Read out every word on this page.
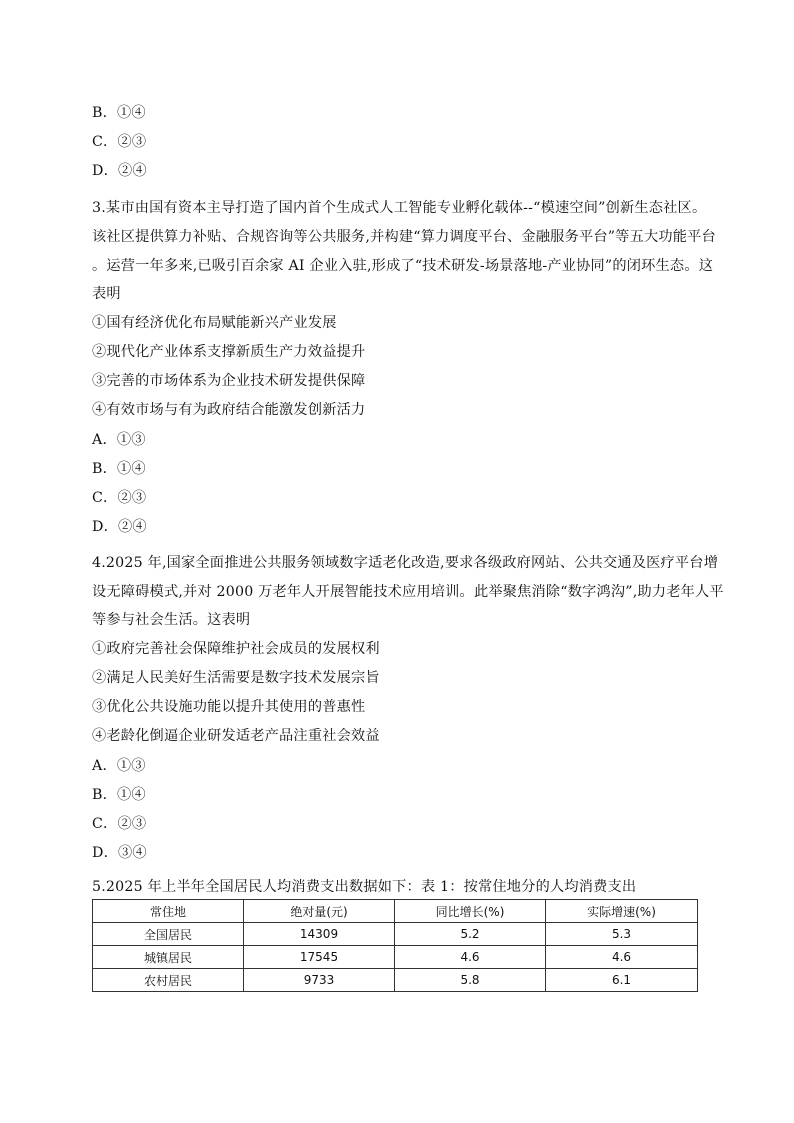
B．①④
C．②③
D．②④
3.某市由国有资本主导打造了国内首个生成式人工智能专业孵化载体--“模速空间”创新生态社区。
该社区提供算力补贴、合规咨询等公共服务,并构建“算力调度平台、金融服务平台”等五大功能平台
。运营一年多来,已吸引百余家 AI 企业入驻,形成了“技术研发-场景落地-产业协同”的闭环生态。这
表明
①国有经济优化布局赋能新兴产业发展
②现代化产业体系支撑新质生产力效益提升
③完善的市场体系为企业技术研发提供保障
④有效市场与有为政府结合能激发创新活力
A．①③
B．①④
C．②③
D．②④
4.2025 年,国家全面推进公共服务领域数字适老化改造,要求各级政府网站、公共交通及医疗平台增
设无障碍模式,并对 2000 万老年人开展智能技术应用培训。此举聚焦消除“数字鸿沟”,助力老年人平
等参与社会生活。这表明
①政府完善社会保障维护社会成员的发展权利
②满足人民美好生活需要是数字技术发展宗旨
③优化公共设施功能以提升其使用的普惠性
④老龄化倒逼企业研发适老产品注重社会效益
A．①③
B．①④
C．②③
D．③④
5.2025 年上半年全国居民人均消费支出数据如下：表 1：按常住地分的人均消费支出
常住地	绝对量(元)	同比增长(%)	实际增速(%)
全国居民	14309	5.2	5.3
城镇居民	17545	4.6	4.6
农村居民	9733	5.8	6.1
